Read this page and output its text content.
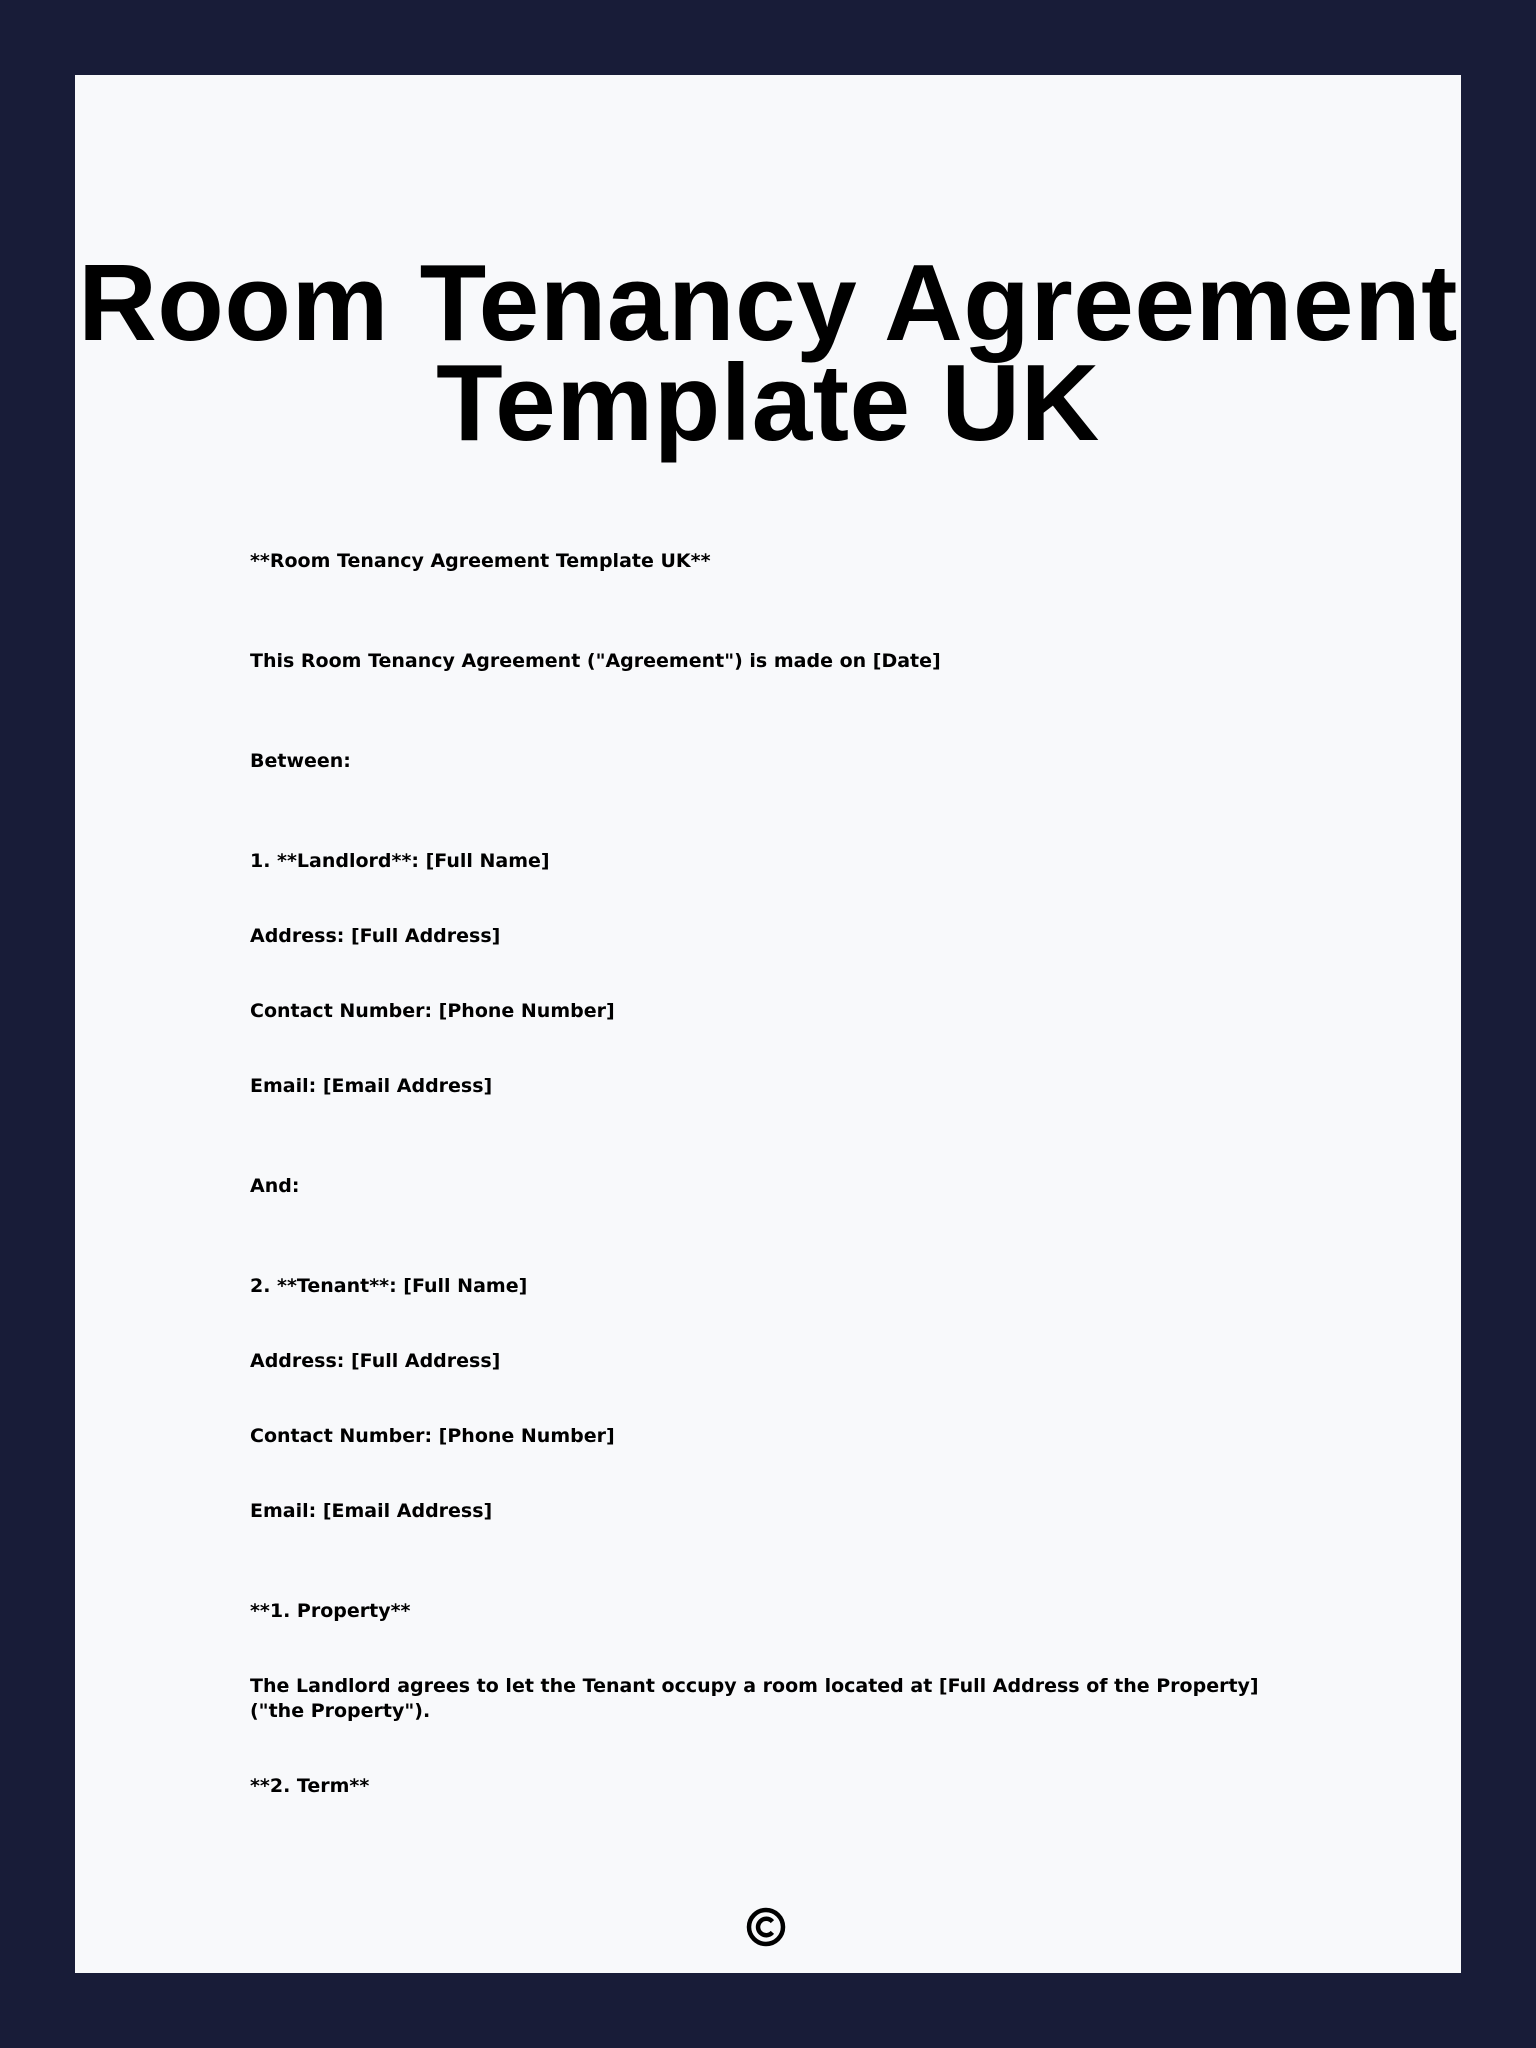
Room Tenancy Agreement Template UK

**Room Tenancy Agreement Template UK**

This Room Tenancy Agreement ("Agreement") is made on [Date]

Between:

1. **Landlord**: [Full Name]

Address: [Full Address]

Contact Number: [Phone Number]

Email: [Email Address]

And:

2. **Tenant**: [Full Name]

Address: [Full Address]

Contact Number: [Phone Number]

Email: [Email Address]

**1. Property**

The Landlord agrees to let the Tenant occupy a room located at [Full Address of the Property] ("the Property").

**2. Term**
